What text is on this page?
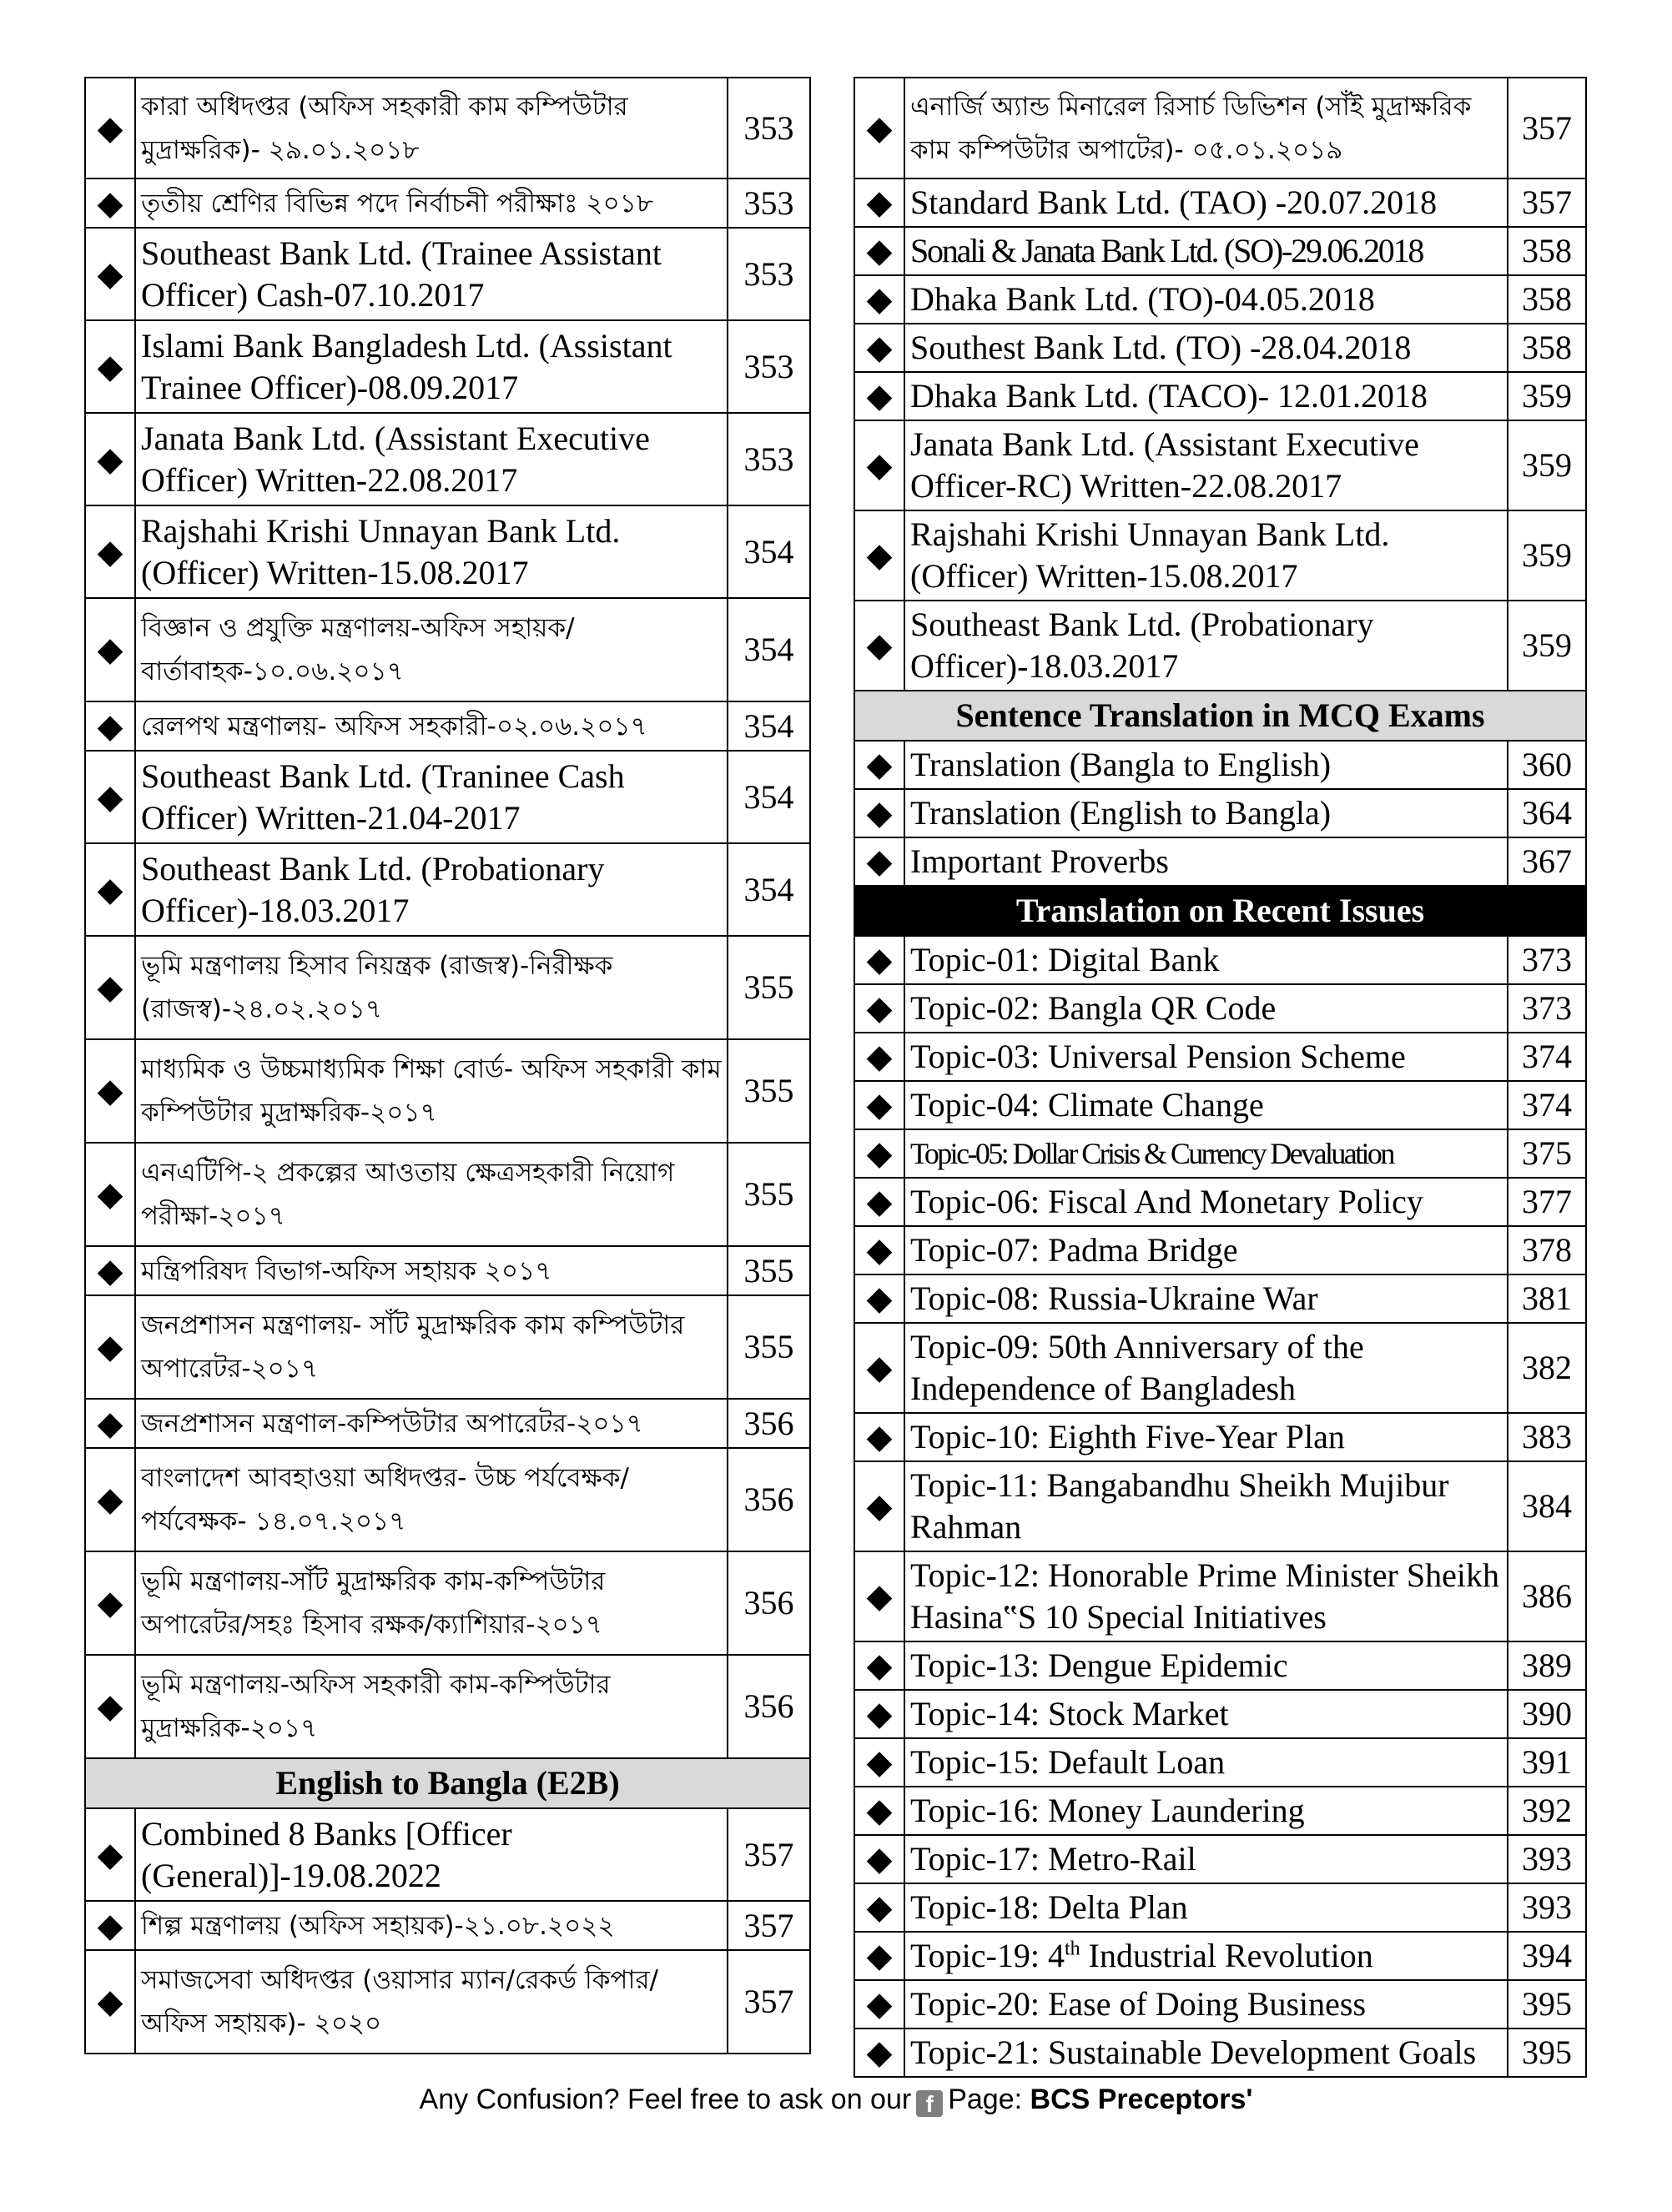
◆	কারা অধিদপ্তর (অফিস সহকারী কাম কম্পিউটার মুদ্রাক্ষরিক)- ২৯.০১.২০১৮	353
◆	তৃতীয় শ্রেণির বিভিন্ন পদে নির্বাচনী পরীক্ষাঃ ২০১৮	353
◆	Southeast Bank Ltd. (Trainee Assistant Officer) Cash-07.10.2017	353
◆	Islami Bank Bangladesh Ltd. (Assistant Trainee Officer)-08.09.2017	353
◆	Janata Bank Ltd. (Assistant Executive Officer) Written-22.08.2017	353
◆	Rajshahi Krishi Unnayan Bank Ltd. (Officer) Written-15.08.2017	354
◆	বিজ্ঞান ও প্রযুক্তি মন্ত্রণালয়-অফিস সহায়ক/বার্তাবাহক-১০.০৬.২০১৭	354
◆	রেলপথ মন্ত্রণালয়- অফিস সহকারী-০২.০৬.২০১৭	354
◆	Southeast Bank Ltd. (Traninee Cash Officer) Written-21.04-2017	354
◆	Southeast Bank Ltd. (Probationary Officer)-18.03.2017	354
◆	ভূমি মন্ত্রণালয় হিসাব নিয়ন্ত্রক (রাজস্ব)-নিরীক্ষক (রাজস্ব)-২৪.০২.২০১৭	355
◆	মাধ্যমিক ও উচ্চমাধ্যমিক শিক্ষা বোর্ড- অফিস সহকারী কাম কম্পিউটার মুদ্রাক্ষরিক-২০১৭	355
◆	এনএটিপি-২ প্রকল্পের আওতায় ক্ষেত্রসহকারী নিয়োগ পরীক্ষা-২০১৭	355
◆	মন্ত্রিপরিষদ বিভাগ-অফিস সহায়ক ২০১৭	355
◆	জনপ্রশাসন মন্ত্রণালয়- সাঁট মুদ্রাক্ষরিক কাম কম্পিউটার অপারেটর-২০১৭	355
◆	জনপ্রশাসন মন্ত্রণাল-কম্পিউটার অপারেটর-২০১৭	356
◆	বাংলাদেশ আবহাওয়া অধিদপ্তর- উচ্চ পর্যবেক্ষক/পর্যবেক্ষক- ১৪.০৭.২০১৭	356
◆	ভূমি মন্ত্রণালয়-সাঁট মুদ্রাক্ষরিক কাম-কম্পিউটার অপারেটর/সহঃ হিসাব রক্ষক/ক্যাশিয়ার-২০১৭	356
◆	ভূমি মন্ত্রণালয়-অফিস সহকারী কাম-কম্পিউটার মুদ্রাক্ষরিক-২০১৭	356
English to Bangla (E2B)		
◆	Combined 8 Banks [Officer (General)]-19.08.2022	357
◆	শিল্প মন্ত্রণালয় (অফিস সহায়ক)-২১.০৮.২০২২	357
◆	সমাজসেবা অধিদপ্তর (ওয়াসার ম্যান/রেকর্ড কিপার/অফিস সহায়ক)- ২০২০	357
◆	এনার্জি অ্যান্ড মিনারেল রিসার্চ ডিভিশন (সাঁই মুদ্রাক্ষরিক কাম কম্পিউটার অপাটের)- ০৫.০১.২০১৯	357
◆	Standard Bank Ltd. (TAO) -20.07.2018	357
◆	Sonali & Janata Bank Ltd. (SO)-29.06.2018	358
◆	Dhaka Bank Ltd. (TO)-04.05.2018	358
◆	Southest Bank Ltd. (TO) -28.04.2018	358
◆	Dhaka Bank Ltd. (TACO)- 12.01.2018	359
◆	Janata Bank Ltd. (Assistant Executive Officer-RC) Written-22.08.2017	359
◆	Rajshahi Krishi Unnayan Bank Ltd. (Officer) Written-15.08.2017	359
◆	Southeast Bank Ltd. (Probationary Officer)-18.03.2017	359
Sentence Translation in MCQ Exams		
◆	Translation (Bangla to English)	360
◆	Translation (English to Bangla)	364
◆	Important Proverbs	367
Translation on Recent Issues		
◆	Topic-01: Digital Bank	373
◆	Topic-02: Bangla QR Code	373
◆	Topic-03: Universal Pension Scheme	374
◆	Topic-04: Climate Change	374
◆	Topic-05: Dollar Crisis & Currency Devaluation	375
◆	Topic-06: Fiscal And Monetary Policy	377
◆	Topic-07: Padma Bridge	378
◆	Topic-08: Russia-Ukraine War	381
◆	Topic-09: 50th Anniversary of the Independence of Bangladesh	382
◆	Topic-10: Eighth Five-Year Plan	383
◆	Topic-11: Bangabandhu Sheikh Mujibur Rahman	384
◆	Topic-12: Honorable Prime Minister Sheikh Hasina‟S 10 Special Initiatives	386
◆	Topic-13: Dengue Epidemic	389
◆	Topic-14: Stock Market	390
◆	Topic-15: Default Loan	391
◆	Topic-16: Money Laundering	392
◆	Topic-17: Metro-Rail	393
◆	Topic-18: Delta Plan	393
◆	Topic-19: 4th Industrial Revolution	394
◆	Topic-20: Ease of Doing Business	395
◆	Topic-21: Sustainable Development Goals	395
Any Confusion? Feel free to ask on our f Page: BCS Preceptors'
